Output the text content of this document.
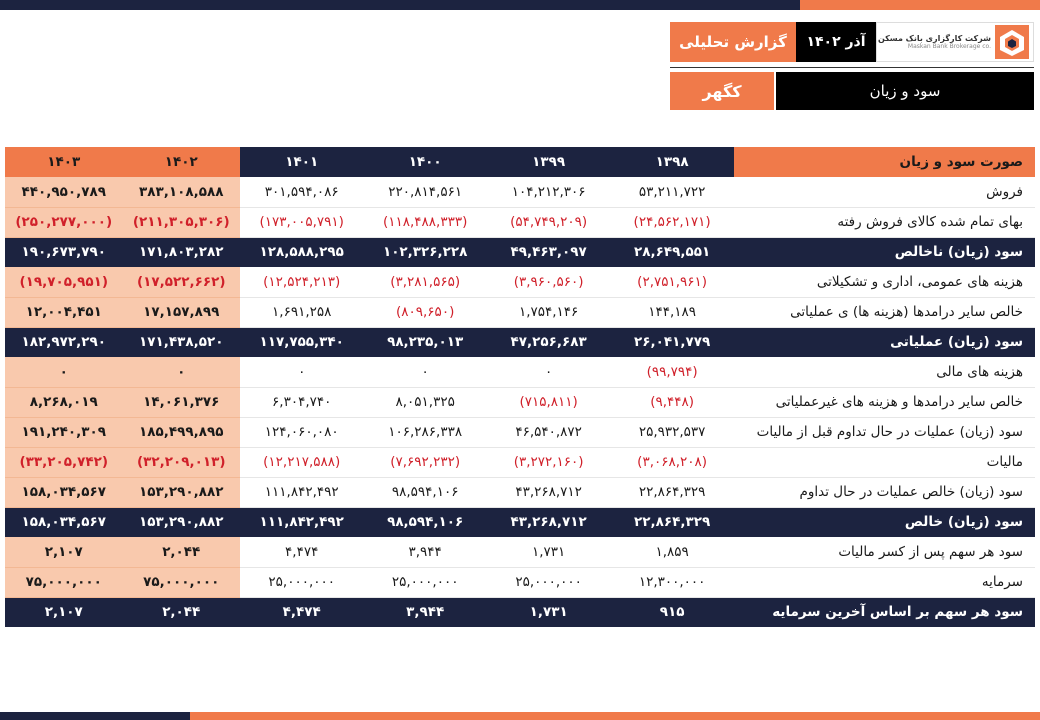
گزارش تحلیلی	آذر ۱۴۰۲	شرکت کارگزاری بانک مسکن
Maskan Bank Brokerage co.
کگهر	سود و زیان
صورت سود و زیان	۱۳۹۸	۱۳۹۹	۱۴۰۰	۱۴۰۱	۱۴۰۲	۱۴۰۳
فروش	۵۳,۲۱۱,۷۲۲	۱۰۴,۲۱۲,۳۰۶	۲۲۰,۸۱۴,۵۶۱	۳۰۱,۵۹۴,۰۸۶	۳۸۳,۱۰۸,۵۸۸	۴۴۰,۹۵۰,۷۸۹
بهای تمام شده کالای فروش رفته	(۲۴,۵۶۲,۱۷۱)	(۵۴,۷۴۹,۲۰۹)	(۱۱۸,۴۸۸,۳۳۳)	(۱۷۳,۰۰۵,۷۹۱)	(۲۱۱,۳۰۵,۳۰۶)	(۲۵۰,۲۷۷,۰۰۰)
سود (زیان) ناخالص	۲۸,۶۴۹,۵۵۱	۴۹,۴۶۳,۰۹۷	۱۰۲,۳۲۶,۲۲۸	۱۲۸,۵۸۸,۲۹۵	۱۷۱,۸۰۳,۲۸۲	۱۹۰,۶۷۳,۷۹۰
هزینه های عمومی، اداری و تشکیلاتی	(۲,۷۵۱,۹۶۱)	(۳,۹۶۰,۵۶۰)	(۳,۲۸۱,۵۶۵)	(۱۲,۵۲۴,۲۱۳)	(۱۷,۵۲۲,۶۶۲)	(۱۹,۷۰۵,۹۵۱)
خالص سایر درامدها (هزینه ها) ی عملیاتی	۱۴۴,۱۸۹	۱,۷۵۴,۱۴۶	(۸۰۹,۶۵۰)	۱,۶۹۱,۲۵۸	۱۷,۱۵۷,۸۹۹	۱۲,۰۰۴,۴۵۱
سود (زیان) عملیاتی	۲۶,۰۴۱,۷۷۹	۴۷,۲۵۶,۶۸۳	۹۸,۲۳۵,۰۱۳	۱۱۷,۷۵۵,۳۴۰	۱۷۱,۴۳۸,۵۲۰	۱۸۲,۹۷۲,۲۹۰
هزینه های مالی	(۹۹,۷۹۴)	۰	۰	۰	۰	۰
خالص سایر درامدها و هزینه های غیرعملیاتی	(۹,۴۴۸)	(۷۱۵,۸۱۱)	۸,۰۵۱,۳۲۵	۶,۳۰۴,۷۴۰	۱۴,۰۶۱,۳۷۶	۸,۲۶۸,۰۱۹
سود (زیان) عملیات در حال تداوم قبل از مالیات	۲۵,۹۳۲,۵۳۷	۴۶,۵۴۰,۸۷۲	۱۰۶,۲۸۶,۳۳۸	۱۲۴,۰۶۰,۰۸۰	۱۸۵,۴۹۹,۸۹۵	۱۹۱,۲۴۰,۳۰۹
مالیات	(۳,۰۶۸,۲۰۸)	(۳,۲۷۲,۱۶۰)	(۷,۶۹۲,۲۳۲)	(۱۲,۲۱۷,۵۸۸)	(۳۲,۲۰۹,۰۱۳)	(۳۳,۲۰۵,۷۴۲)
سود (زیان) خالص عملیات در حال تداوم	۲۲,۸۶۴,۳۲۹	۴۳,۲۶۸,۷۱۲	۹۸,۵۹۴,۱۰۶	۱۱۱,۸۴۲,۴۹۲	۱۵۳,۲۹۰,۸۸۲	۱۵۸,۰۳۴,۵۶۷
سود (زیان) خالص	۲۲,۸۶۴,۳۲۹	۴۳,۲۶۸,۷۱۲	۹۸,۵۹۴,۱۰۶	۱۱۱,۸۴۲,۴۹۲	۱۵۳,۲۹۰,۸۸۲	۱۵۸,۰۳۴,۵۶۷
سود هر سهم پس از کسر مالیات	۱,۸۵۹	۱,۷۳۱	۳,۹۴۴	۴,۴۷۴	۲,۰۴۴	۲,۱۰۷
سرمایه	۱۲,۳۰۰,۰۰۰	۲۵,۰۰۰,۰۰۰	۲۵,۰۰۰,۰۰۰	۲۵,۰۰۰,۰۰۰	۷۵,۰۰۰,۰۰۰	۷۵,۰۰۰,۰۰۰
سود هر سهم بر اساس آخرین سرمایه	۹۱۵	۱,۷۳۱	۳,۹۴۴	۴,۴۷۴	۲,۰۴۴	۲,۱۰۷
